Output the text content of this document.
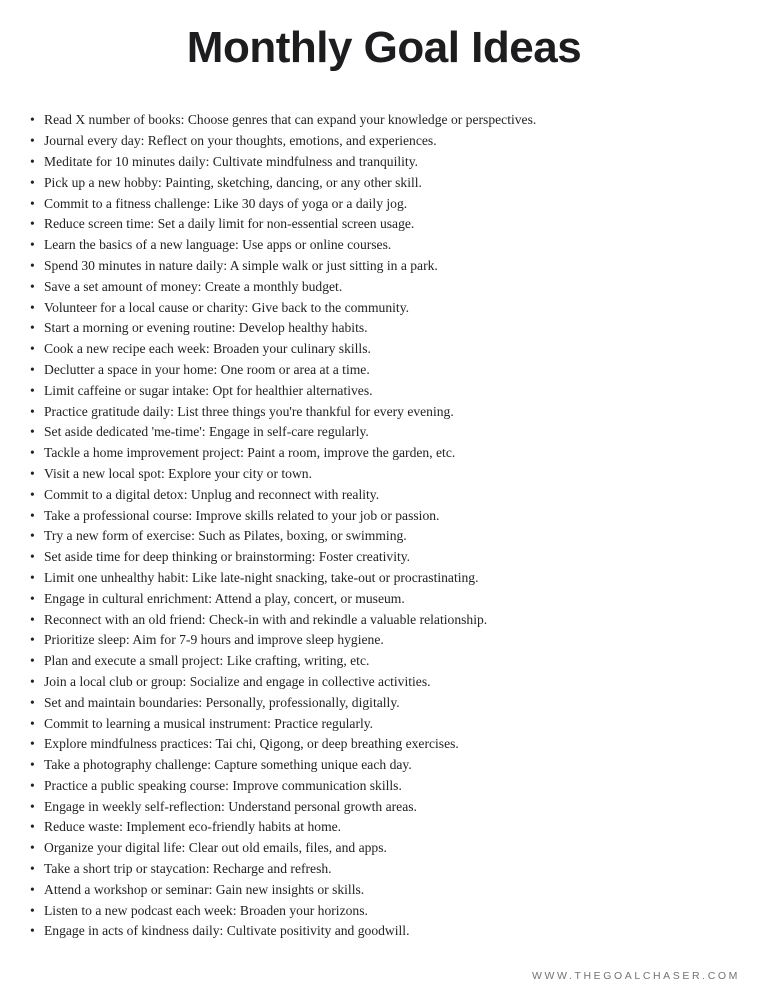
Monthly Goal Ideas
• Read X number of books: Choose genres that can expand your knowledge or perspectives.
• Journal every day: Reflect on your thoughts, emotions, and experiences.
• Meditate for 10 minutes daily: Cultivate mindfulness and tranquility.
• Pick up a new hobby: Painting, sketching, dancing, or any other skill.
• Commit to a fitness challenge: Like 30 days of yoga or a daily jog.
• Reduce screen time: Set a daily limit for non-essential screen usage.
• Learn the basics of a new language: Use apps or online courses.
• Spend 30 minutes in nature daily: A simple walk or just sitting in a park.
• Save a set amount of money: Create a monthly budget.
• Volunteer for a local cause or charity: Give back to the community.
• Start a morning or evening routine: Develop healthy habits.
• Cook a new recipe each week: Broaden your culinary skills.
• Declutter a space in your home: One room or area at a time.
• Limit caffeine or sugar intake: Opt for healthier alternatives.
• Practice gratitude daily: List three things you're thankful for every evening.
• Set aside dedicated 'me-time': Engage in self-care regularly.
• Tackle a home improvement project: Paint a room, improve the garden, etc.
• Visit a new local spot: Explore your city or town.
• Commit to a digital detox: Unplug and reconnect with reality.
• Take a professional course: Improve skills related to your job or passion.
• Try a new form of exercise: Such as Pilates, boxing, or swimming.
• Set aside time for deep thinking or brainstorming: Foster creativity.
• Limit one unhealthy habit: Like late-night snacking, take-out or procrastinating.
• Engage in cultural enrichment: Attend a play, concert, or museum.
• Reconnect with an old friend: Check-in with and rekindle a valuable relationship.
• Prioritize sleep: Aim for 7-9 hours and improve sleep hygiene.
• Plan and execute a small project: Like crafting, writing, etc.
• Join a local club or group: Socialize and engage in collective activities.
• Set and maintain boundaries: Personally, professionally, digitally.
• Commit to learning a musical instrument: Practice regularly.
• Explore mindfulness practices: Tai chi, Qigong, or deep breathing exercises.
• Take a photography challenge: Capture something unique each day.
• Practice a public speaking course: Improve communication skills.
• Engage in weekly self-reflection: Understand personal growth areas.
• Reduce waste: Implement eco-friendly habits at home.
• Organize your digital life: Clear out old emails, files, and apps.
• Take a short trip or staycation: Recharge and refresh.
• Attend a workshop or seminar: Gain new insights or skills.
• Listen to a new podcast each week: Broaden your horizons.
• Engage in acts of kindness daily: Cultivate positivity and goodwill.
WWW.THEGOALCHASER.COM
